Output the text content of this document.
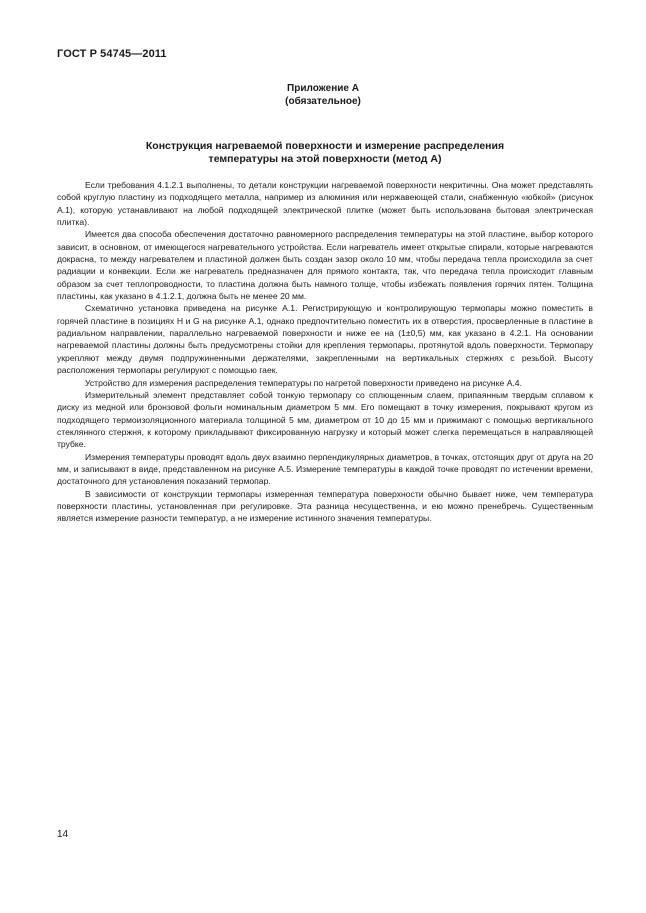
ГОСТ Р 54745—2011
Приложение А
(обязательное)
Конструкция нагреваемой поверхности и измерение распределения
температуры на этой поверхности (метод А)

Если требования 4.1.2.1 выполнены, то детали конструкции нагреваемой поверхности некритичны. Она может представлять собой круглую пластину из подходящего металла, например из алюминия или нержавеющей стали, снабженную «юбкой» (рисунок А.1), которую устанавливают на любой подходящей электрической плитке (может быть использована бытовая электрическая плитка).

Имеется два способа обеспечения достаточно равномерного распределения температуры на этой пластине, выбор которого зависит, в основном, от имеющегося нагревательного устройства. Если нагреватель имеет открытые спирали, которые нагреваются докрасна, то между нагревателем и пластиной должен быть создан зазор около 10 мм, чтобы передача тепла происходила за счет радиации и конвекции. Если же нагреватель предназначен для прямого контакта, так, что передача тепла происходит главным образом за счет теплопроводности, то пластина должна быть намного толще, чтобы избежать появления горячих пятен. Толщина пластины, как указано в 4.1.2.1, должна быть не менее 20 мм.

Схематично установка приведена на рисунке А.1. Регистрирующую и контролирующую термопары можно поместить в горячей пластине в позициях H и G на рисунке А.1, однако предпочтительно поместить их в отверстия, просверленные в пластине в радиальном направлении, параллельно нагреваемой поверхности и ниже ее на (1±0,5) мм, как указано в 4.2.1. На основании нагреваемой пластины должны быть предусмотрены стойки для крепления термопары, протянутой вдоль поверхности. Термопару укрепляют между двумя подпружиненными держателями, закрепленными на вертикальных стержнях с резьбой. Высоту расположения термопары регулируют с помощью гаек.

Устройство для измерения распределения температуры по нагретой поверхности приведено на рисунке А.4.

Измерительный элемент представляет собой тонкую термопару со сплющенным слаем, припаянным твердым сплавом к диску из медной или бронзовой фольги номинальным диаметром 5 мм. Его помещают в точку измерения, покрывают кругом из подходящего термоизоляционного материала толщиной 5 мм, диаметром от 10 до 15 мм и прижимают с помощью вертикального стеклянного стержня, к которому прикладывают фиксированную нагрузку и который может слегка перемещаться в направляющей трубке.

Измерения температуры проводят вдоль двух взаимно перпендикулярных диаметров, в точках, отстоящих друг от друга на 20 мм, и записывают в виде, представленном на рисунке А.5. Измерение температуры в каждой точке проводят по истечении времени, достаточного для установления показаний термопар.

В зависимости от конструкции термопары измеренная температура поверхности обычно бывает ниже, чем температура поверхности пластины, установленная при регулировке. Эта разница несущественна, и ею можно пренебречь. Существенным является измерение разности температур, а не измерение истинного значения температуры.

14
